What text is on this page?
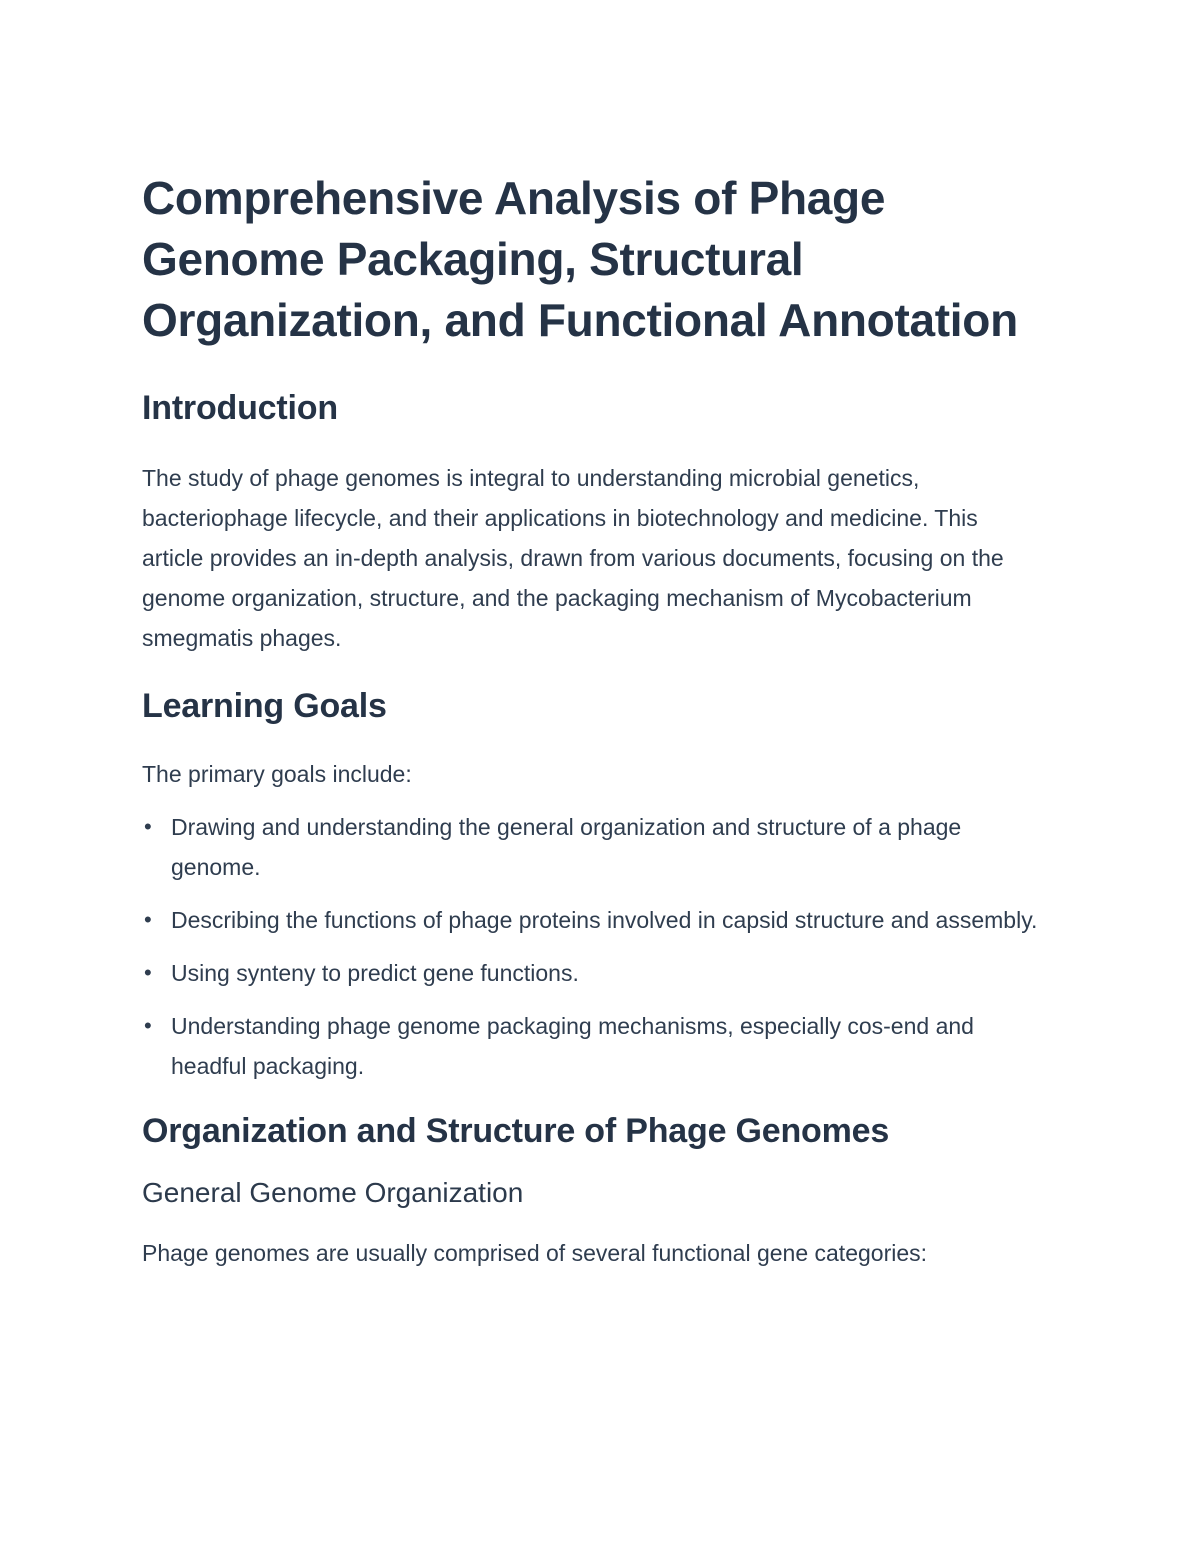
Comprehensive Analysis of Phage Genome Packaging, Structural Organization, and Functional Annotation
Introduction

The study of phage genomes is integral to understanding microbial genetics, bacteriophage lifecycle, and their applications in biotechnology and medicine. This article provides an in-depth analysis, drawn from various documents, focusing on the genome organization, structure, and the packaging mechanism of Mycobacterium smegmatis phages.

Learning Goals

The primary goals include:

• Drawing and understanding the general organization and structure of a phage genome.
• Describing the functions of phage proteins involved in capsid structure and assembly.
• Using synteny to predict gene functions.
• Understanding phage genome packaging mechanisms, especially cos-end and headful packaging.
Organization and Structure of Phage Genomes
General Genome Organization

Phage genomes are usually comprised of several functional gene categories:
